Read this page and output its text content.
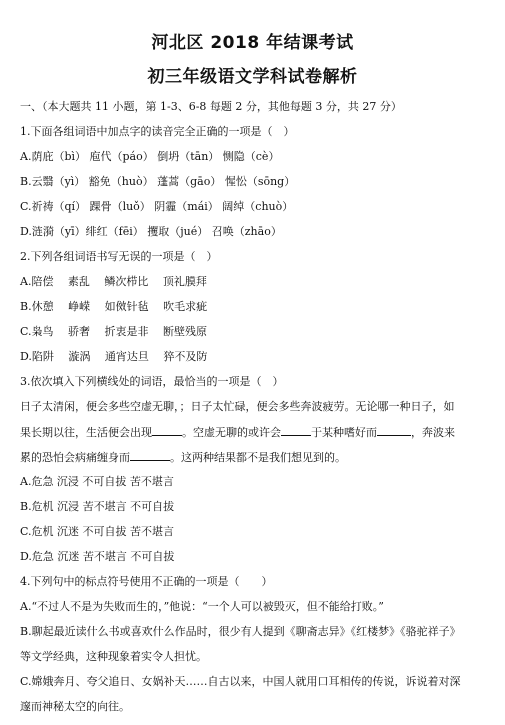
河北区 2018 年结课考试
初三年级语文学科试卷解析
一、（本大题共 11 小题，第 1-3、6-8 每题 2 分，其他每题 3 分，共 27 分）
1.下面各组词语中加点字的读音完全正确的一项是（　）
A.荫庇（bì） 庖代（páo） 倒坍（tān） 恻隐（cè）
B.云翳（yì） 豁免（huò） 蓬蒿（gāo） 惺忪（sōng）
C.祈祷（qí） 踝骨（luǒ） 阴霾（mái） 阔绰（chuò）
D.涟漪（yī）绯红（fēi） 攫取（jué） 召唤（zhāo）
2.下列各组词语书写无误的一项是（　）
A.陪偿　 素乱　 鳞次栉比　 顶礼膜拜
B.休憩　 峥嵘　 如傚针毡　 吹毛求疵
C.枭鸟　 骄奢　 折衷是非　 断壁残原
D.陷阱　 漩涡　 通宵达旦　 猝不及防
3.依次填入下列横线处的词语，最恰当的一项是（　）
日子太清闲，便会多些空虚无聊，；日子太忙碌，便会多些奔波疲劳。无论哪一种日子，如
果长期以往，生活便会出现	。空虚无聊的或许会	于某种嗜好而	，奔波来
累的恐怕会病痛缠身而	。这两种结果都不是我们想见到的。
A.危急 沉浸 不可自拔 苦不堪言
B.危机 沉浸 苦不堪言 不可自拔
C.危机 沉迷 不可自拔 苦不堪言
D.危急 沉迷 苦不堪言 不可自拔
4.下列句中的标点符号使用不正确的一项是（　　）
A.“不过人不是为失败而生的，”他说：“一个人可以被毁灭，但不能给打败。”
B.聊起最近读什么书或喜欢什么作品时，很少有人提到《聊斋志异》《红楼梦》《骆驼祥子》
等文学经典，这种现象着实令人担忧。
C.嫦娥奔月、夸父追日、女娲补天……自古以来，中国人就用口耳相传的传说，诉说着对深
邃而神秘太空的向往。
